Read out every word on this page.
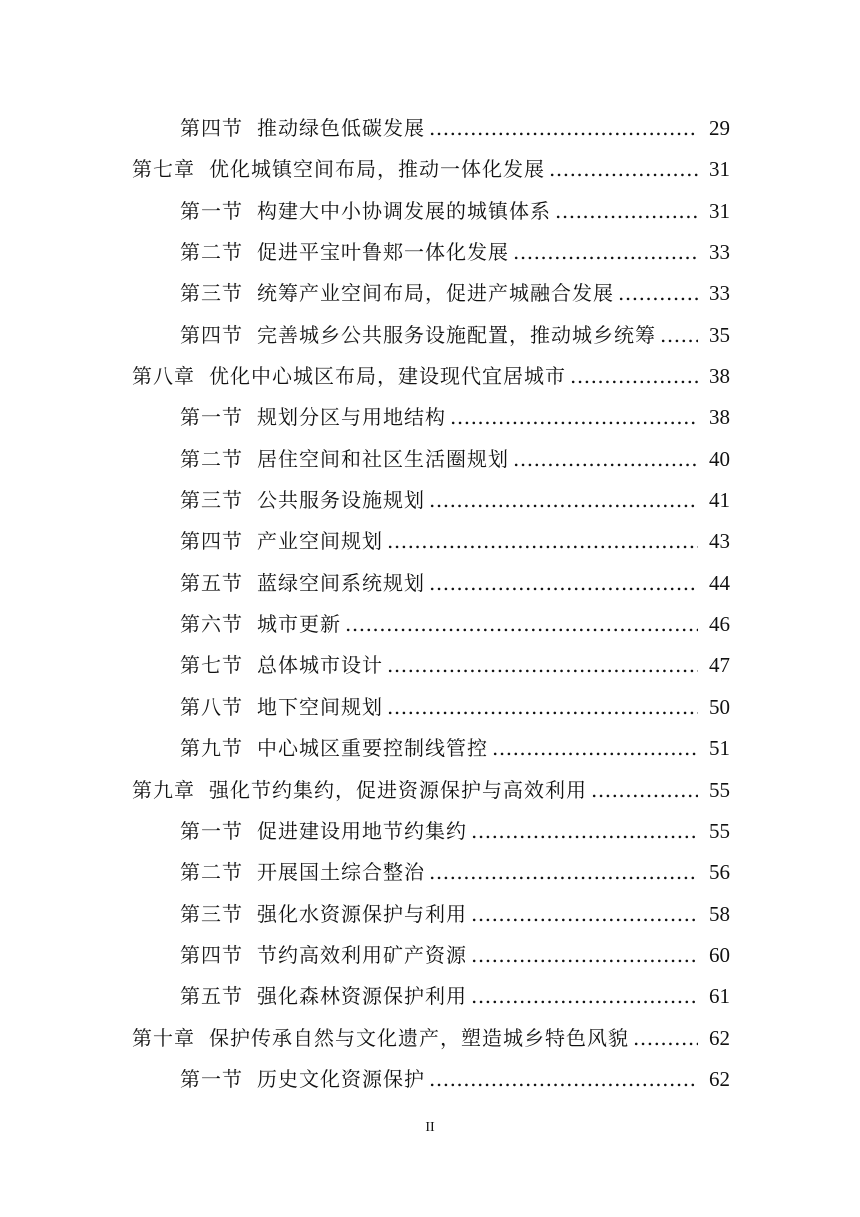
第四节 推动绿色低碳发展 .....	29
第七章 优化城镇空间布局，推动一体化发展 .....	31
第一节 构建大中小协调发展的城镇体系 .....	31
第二节 促进平宝叶鲁郏一体化发展 .....	33
第三节 统筹产业空间布局，促进产城融合发展 .....	33
第四节 完善城乡公共服务设施配置，推动城乡统筹 .....	35
第八章 优化中心城区布局，建设现代宜居城市 .....	38
第一节 规划分区与用地结构 .....	38
第二节 居住空间和社区生活圈规划 .....	40
第三节 公共服务设施规划 .....	41
第四节 产业空间规划 .....	43
第五节 蓝绿空间系统规划 .....	44
第六节 城市更新 .....	46
第七节 总体城市设计 .....	47
第八节 地下空间规划 .....	50
第九节 中心城区重要控制线管控 .....	51
第九章 强化节约集约，促进资源保护与高效利用 .....	55
第一节 促进建设用地节约集约 .....	55
第二节 开展国土综合整治 .....	56
第三节 强化水资源保护与利用 .....	58
第四节 节约高效利用矿产资源 .....	60
第五节 强化森林资源保护利用 .....	61
第十章 保护传承自然与文化遗产，塑造城乡特色风貌 .....	62
第一节 历史文化资源保护 .....	62
II
